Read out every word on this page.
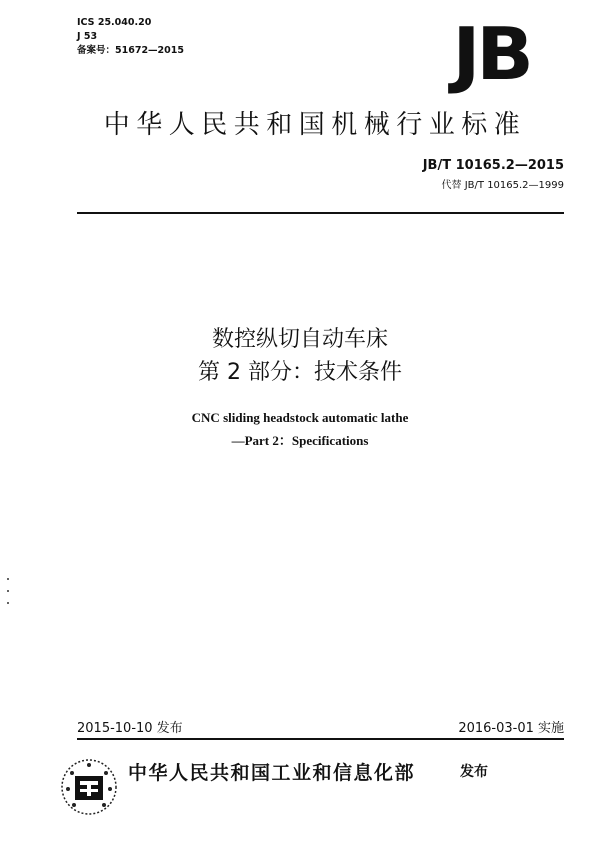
ICS 25.040.20
J 53
备案号：51672—2015	JB
中华人民共和国机械行业标准
JB/T 10165.2—2015
代替 JB/T 10165.2—1999
数控纵切自动车床
第 2 部分：技术条件
CNC sliding headstock automatic lathe
—Part 2：Specifications
2015-10-10 发布	2016-03-01 实施
中华人民共和国工业和信息化部	发布
